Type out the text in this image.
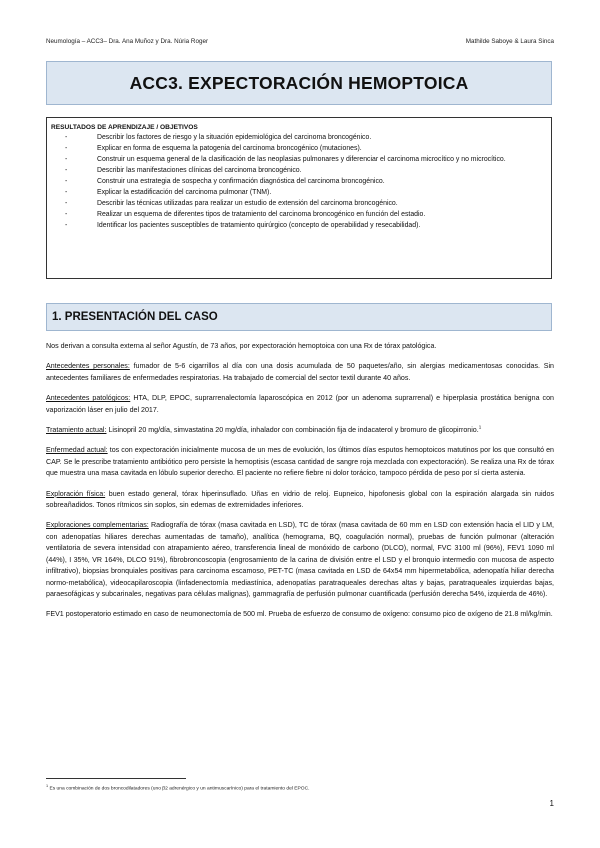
Neumología – ACC3– Dra. Ana Muñoz y Dra. Núria Roger	Mathilde Saboye & Laura Sinca
ACC3. EXPECTORACIÓN HEMOPTOICA
RESULTADOS DE APRENDIZAJE / OBJETIVOS
-	Describir los factores de riesgo y la situación epidemiológica del carcinoma broncogénico.
-	Explicar en forma de esquema la patogenia del carcinoma broncogénico (mutaciones).
-	Construir un esquema general de la clasificación de las neoplasias pulmonares y diferenciar el carcinoma microcítico y no microcítico.
-	Describir las manifestaciones clínicas del carcinoma broncogénico.
-	Construir una estrategia de sospecha y confirmación diagnóstica del carcinoma broncogénico.
-	Explicar la estadificación del carcinoma pulmonar (TNM).
-	Describir las técnicas utilizadas para realizar un estudio de extensión del carcinoma broncogénico.
-	Realizar un esquema de diferentes tipos de tratamiento del carcinoma broncogénico en función del estadio.
-	Identificar los pacientes susceptibles de tratamiento quirúrgico (concepto de operabilidad y resecabilidad).
1. PRESENTACIÓN DEL CASO

Nos derivan a consulta externa al señor Agustín, de 73 años, por expectoración hemoptoica con una Rx de tórax patológica.

Antecedentes personales: fumador de 5-6 cigarrillos al día con una dosis acumulada de 50 paquetes/año, sin alergias medicamentosas conocidas. Sin antecedentes familiares de enfermedades respiratorias. Ha trabajado de comercial del sector textil durante 40 años.

Antecedentes patológicos: HTA, DLP, EPOC, suprarrenalectomía laparoscópica en 2012 (por un adenoma suprarrenal) e hiperplasia prostática benigna con vaporización láser en julio del 2017.

Tratamiento actual: Lisinopril 20 mg/día, simvastatina 20 mg/día, inhalador con combinación fija de indacaterol y bromuro de glicopirronio.$^1$

Enfermedad actual: tos con expectoración inicialmente mucosa de un mes de evolución, los últimos días esputos hemoptoicos matutinos por los que consultó en CAP. Se le prescribe tratamiento antibiótico pero persiste la hemoptisis (escasa cantidad de sangre roja mezclada con expectoración). Se realiza una Rx de tórax que muestra una masa cavitada en lóbulo superior derecho. El paciente no refiere fiebre ni dolor torácico, tampoco pérdida de peso por sí cierta astenia.

Exploración física: buen estado general, tórax hiperinsuflado. Uñas en vidrio de reloj. Eupneico, hipofonesis global con la espiración alargada sin ruidos sobreañadidos. Tonos rítmicos sin soplos, sin edemas de extremidades inferiores.

Exploraciones complementarias: Radiografía de tórax (masa cavitada en LSD), TC de tórax (masa cavitada de 60 mm en LSD con extensión hacia el LID y LM, con adenopatías hiliares derechas aumentadas de tamaño), analítica (hemograma, BQ, coagulación normal), pruebas de función pulmonar (alteración ventilatoria de severa intensidad con atrapamiento aéreo, transferencia lineal de monóxido de carbono (DLCO), normal, FVC 3100 ml (96%), FEV1 1090 ml (44%), I 35%, VR 164%, DLCO 91%), fibrobroncoscopia (engrosamiento de la carina de división entre el LSD y el bronquio intermedio con mucosa de aspecto infiltrativo), biopsias bronquiales positivas para carcinoma escamoso, PET-TC (masa cavitada en LSD de 64x54 mm hipermetabólica, adenopatía hiliar derecha normo-metabólica), videocapilaroscopia (linfadenectomía mediastínica, adenopatías paratraqueales derechas altas y bajas, paratraqueales izquierdas bajas, paraesofágicas y subcarinales, negativas para células malignas), gammagrafía de perfusión pulmonar cuantificada (perfusión derecha 54%, izquierda de 46%).

FEV1 postoperatorio estimado en caso de neumonectomía de 500 ml. Prueba de esfuerzo de consumo de oxígeno: consumo pico de oxígeno de 21.8 ml/kg/min.

$^1$ Es una combinación de dos broncodilatadores (uno β2 adrenérgico y un antimuscarínico) para el tratamiento del EPOC.
1
